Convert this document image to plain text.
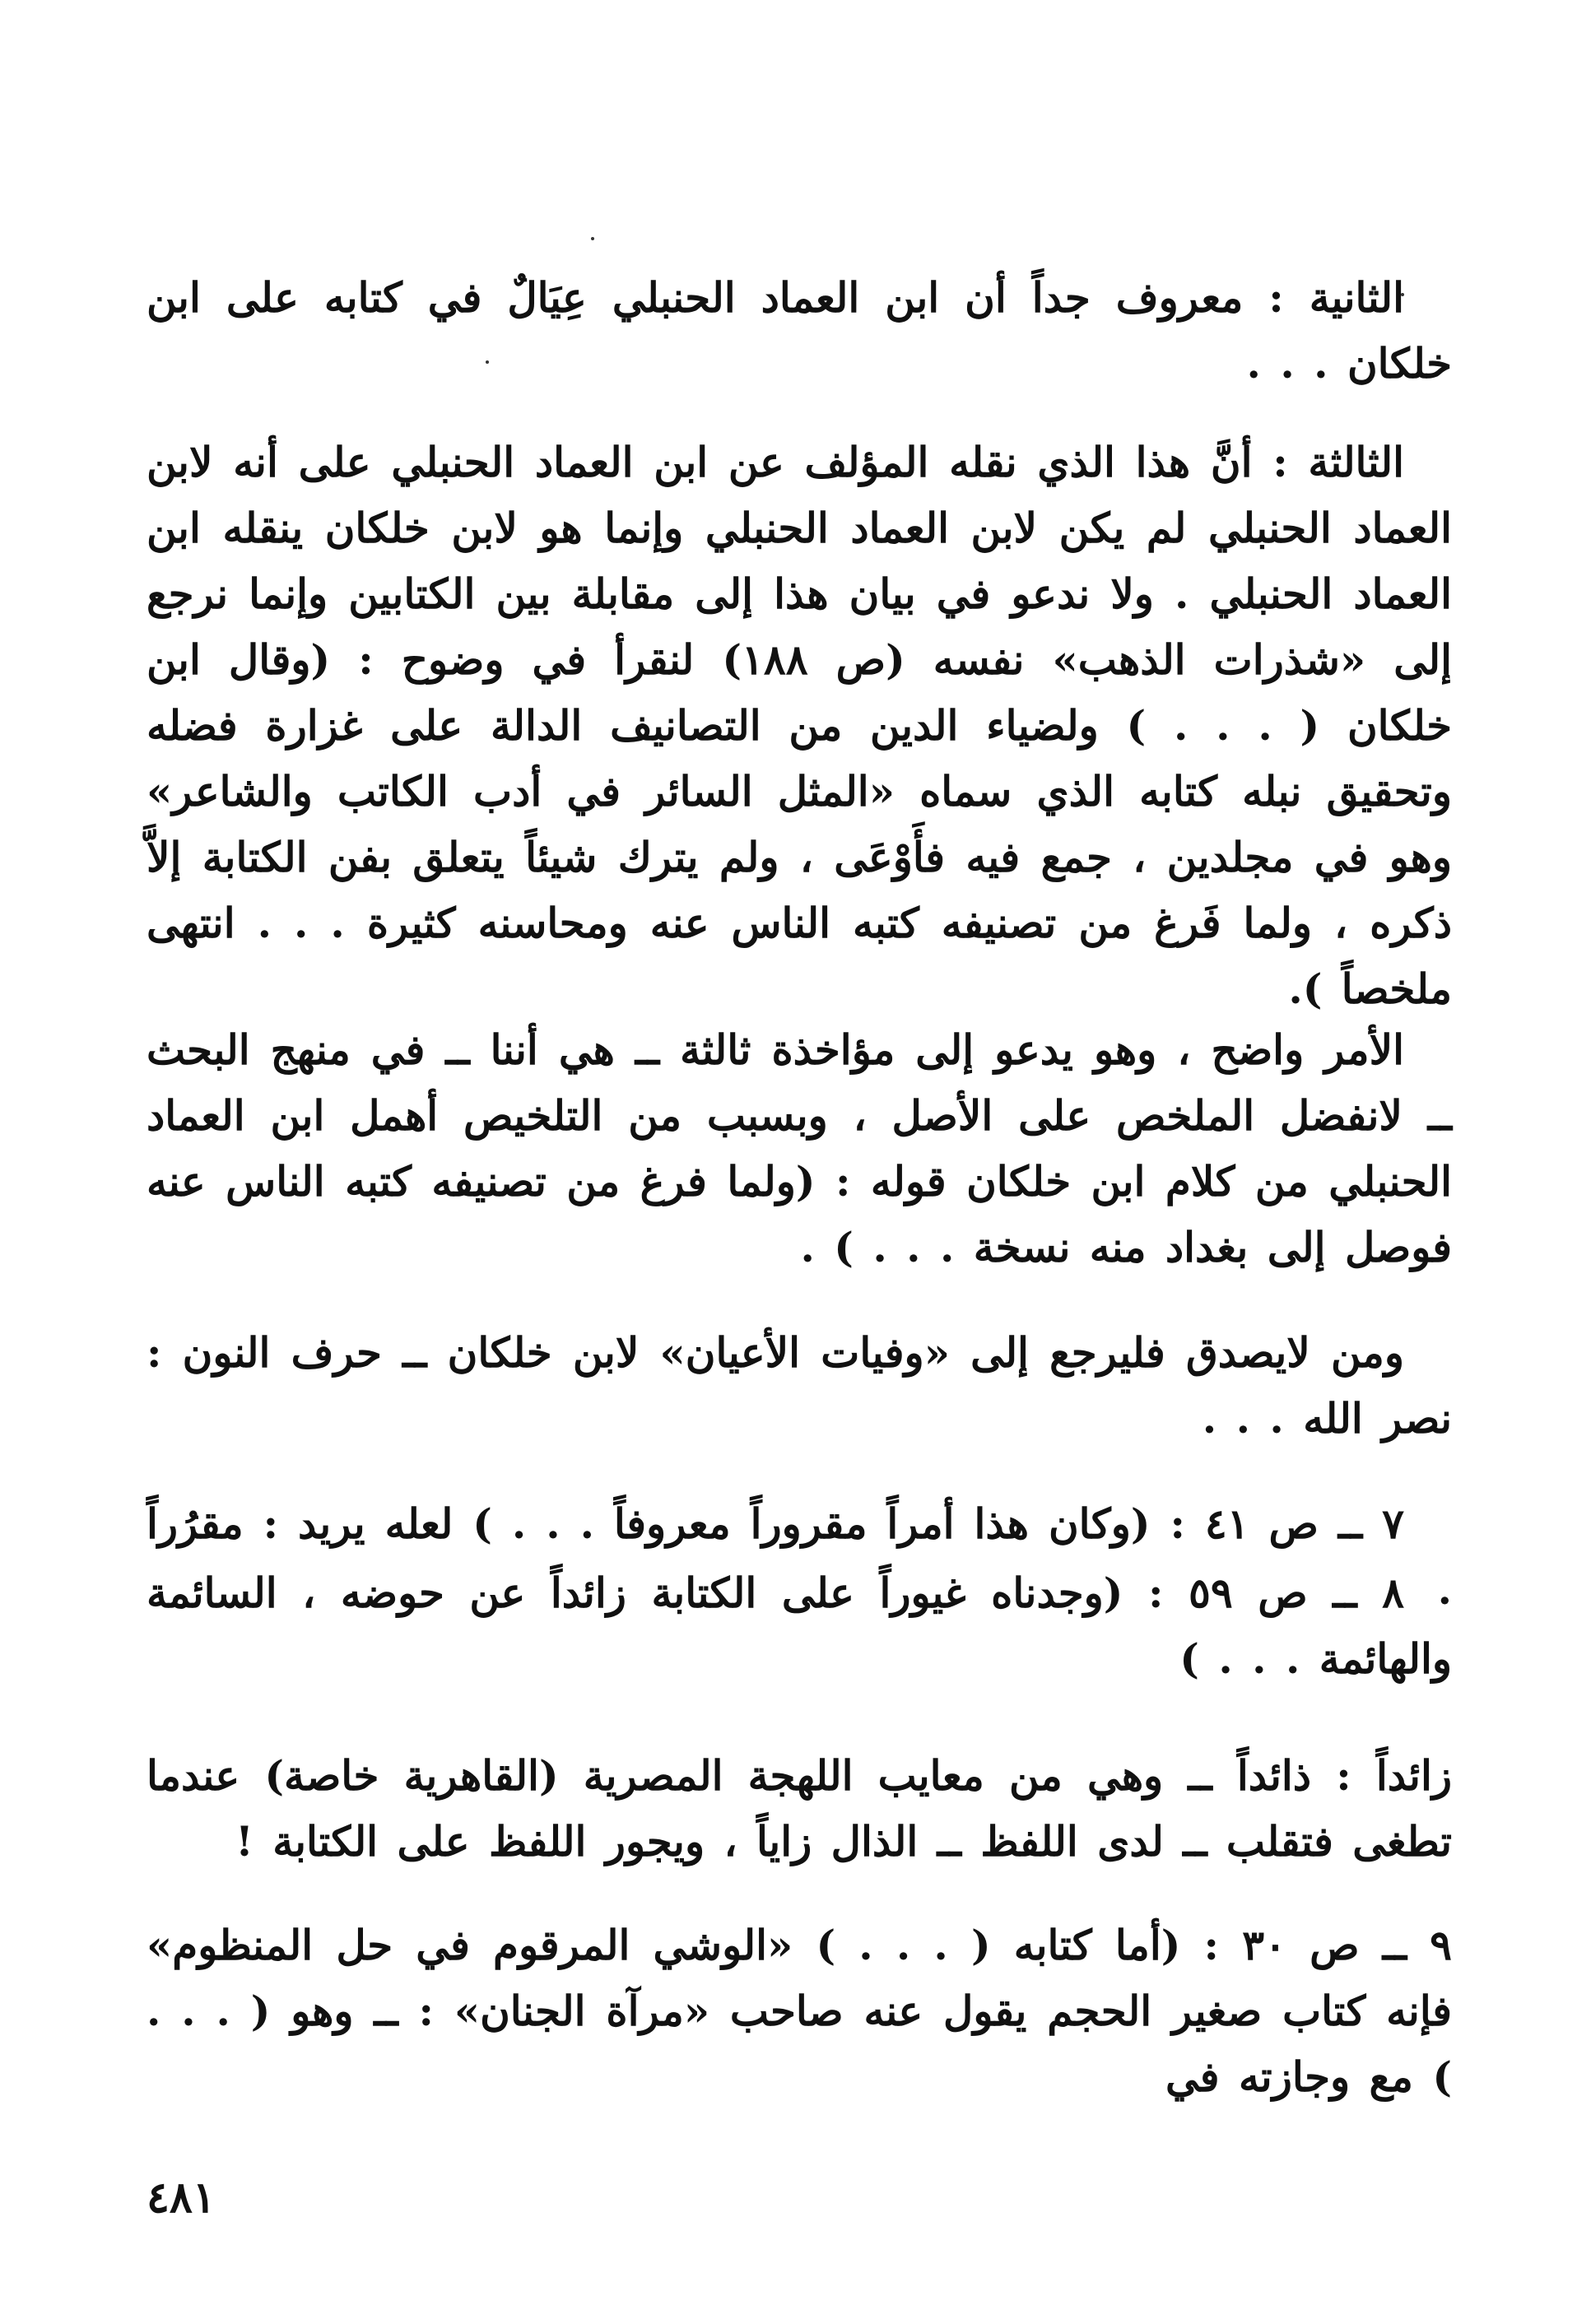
الثانية : معروف جداً أن ابن العماد الحنبلي عِيَالٌ في كتابه على ابن خلكان . . .

الثالثة : أنَّ هذا الذي نقله المؤلف عن ابن العماد الحنبلي على أنه لابن العماد الحنبلي لم يكن لابن العماد الحنبلي وإنما هو لابن خلكان ينقله ابن العماد الحنبلي . ولا ندعو في بيان هذا إلى مقابلة بين الكتابين وإنما نرجع إلى «شذرات الذهب» نفسه (ص ١٨٨) لنقرأ في وضوح : (وقال ابن خلكان ( . . . ) ولضياء الدين من التصانيف الدالة على غزارة فضله وتحقيق نبله كتابه الذي سماه «المثل السائر في أدب الكاتب والشاعر» وهو في مجلدين ، جمع فيه فأَوْعَى ، ولم يترك شيئاً يتعلق بفن الكتابة إلاَّ ذكره ، ولما فَرغ من تصنيفه كتبه الناس عنه ومحاسنه كثيرة . . . انتهى ملخصاً ).

الأمر واضح ، وهو يدعو إلى مؤاخذة ثالثة ــ هي أننا ــ في منهج البحث ــ لانفضل الملخص على الأصل ، وبسبب من التلخيص أهمل ابن العماد الحنبلي من كلام ابن خلكان قوله : (ولما فرغ من تصنيفه كتبه الناس عنه فوصل إلى بغداد منه نسخة . . . ) .

ومن لايصدق فليرجع إلى «وفيات الأعيان» لابن خلكان ــ حرف النون : نصر الله . . .

٧ ــ ص ٤١ : (وكان هذا أمراً مقروراً معروفاً . . . ) لعله يريد : مقرُراً .

٨ ــ ص ٥٩ : (وجدناه غيوراً على الكتابة زائداً عن حوضه ، السائمة والهائمة . . . )

زائداً : ذائداً ــ وهي من معايب اللهجة المصرية (القاهرية خاصة) عندما تطغى فتقلب ــ لدى اللفظ ــ الذال زاياً ، ويجور اللفظ على الكتابة !

٩ ــ ص ٣٠ : (أما كتابه ( . . . ) «الوشي المرقوم في حل المنظوم» فإنه كتاب صغير الحجم يقول عنه صاحب «مرآة الجنان» : ــ وهو ( . . . ) مع وجازته في

٤٨١
